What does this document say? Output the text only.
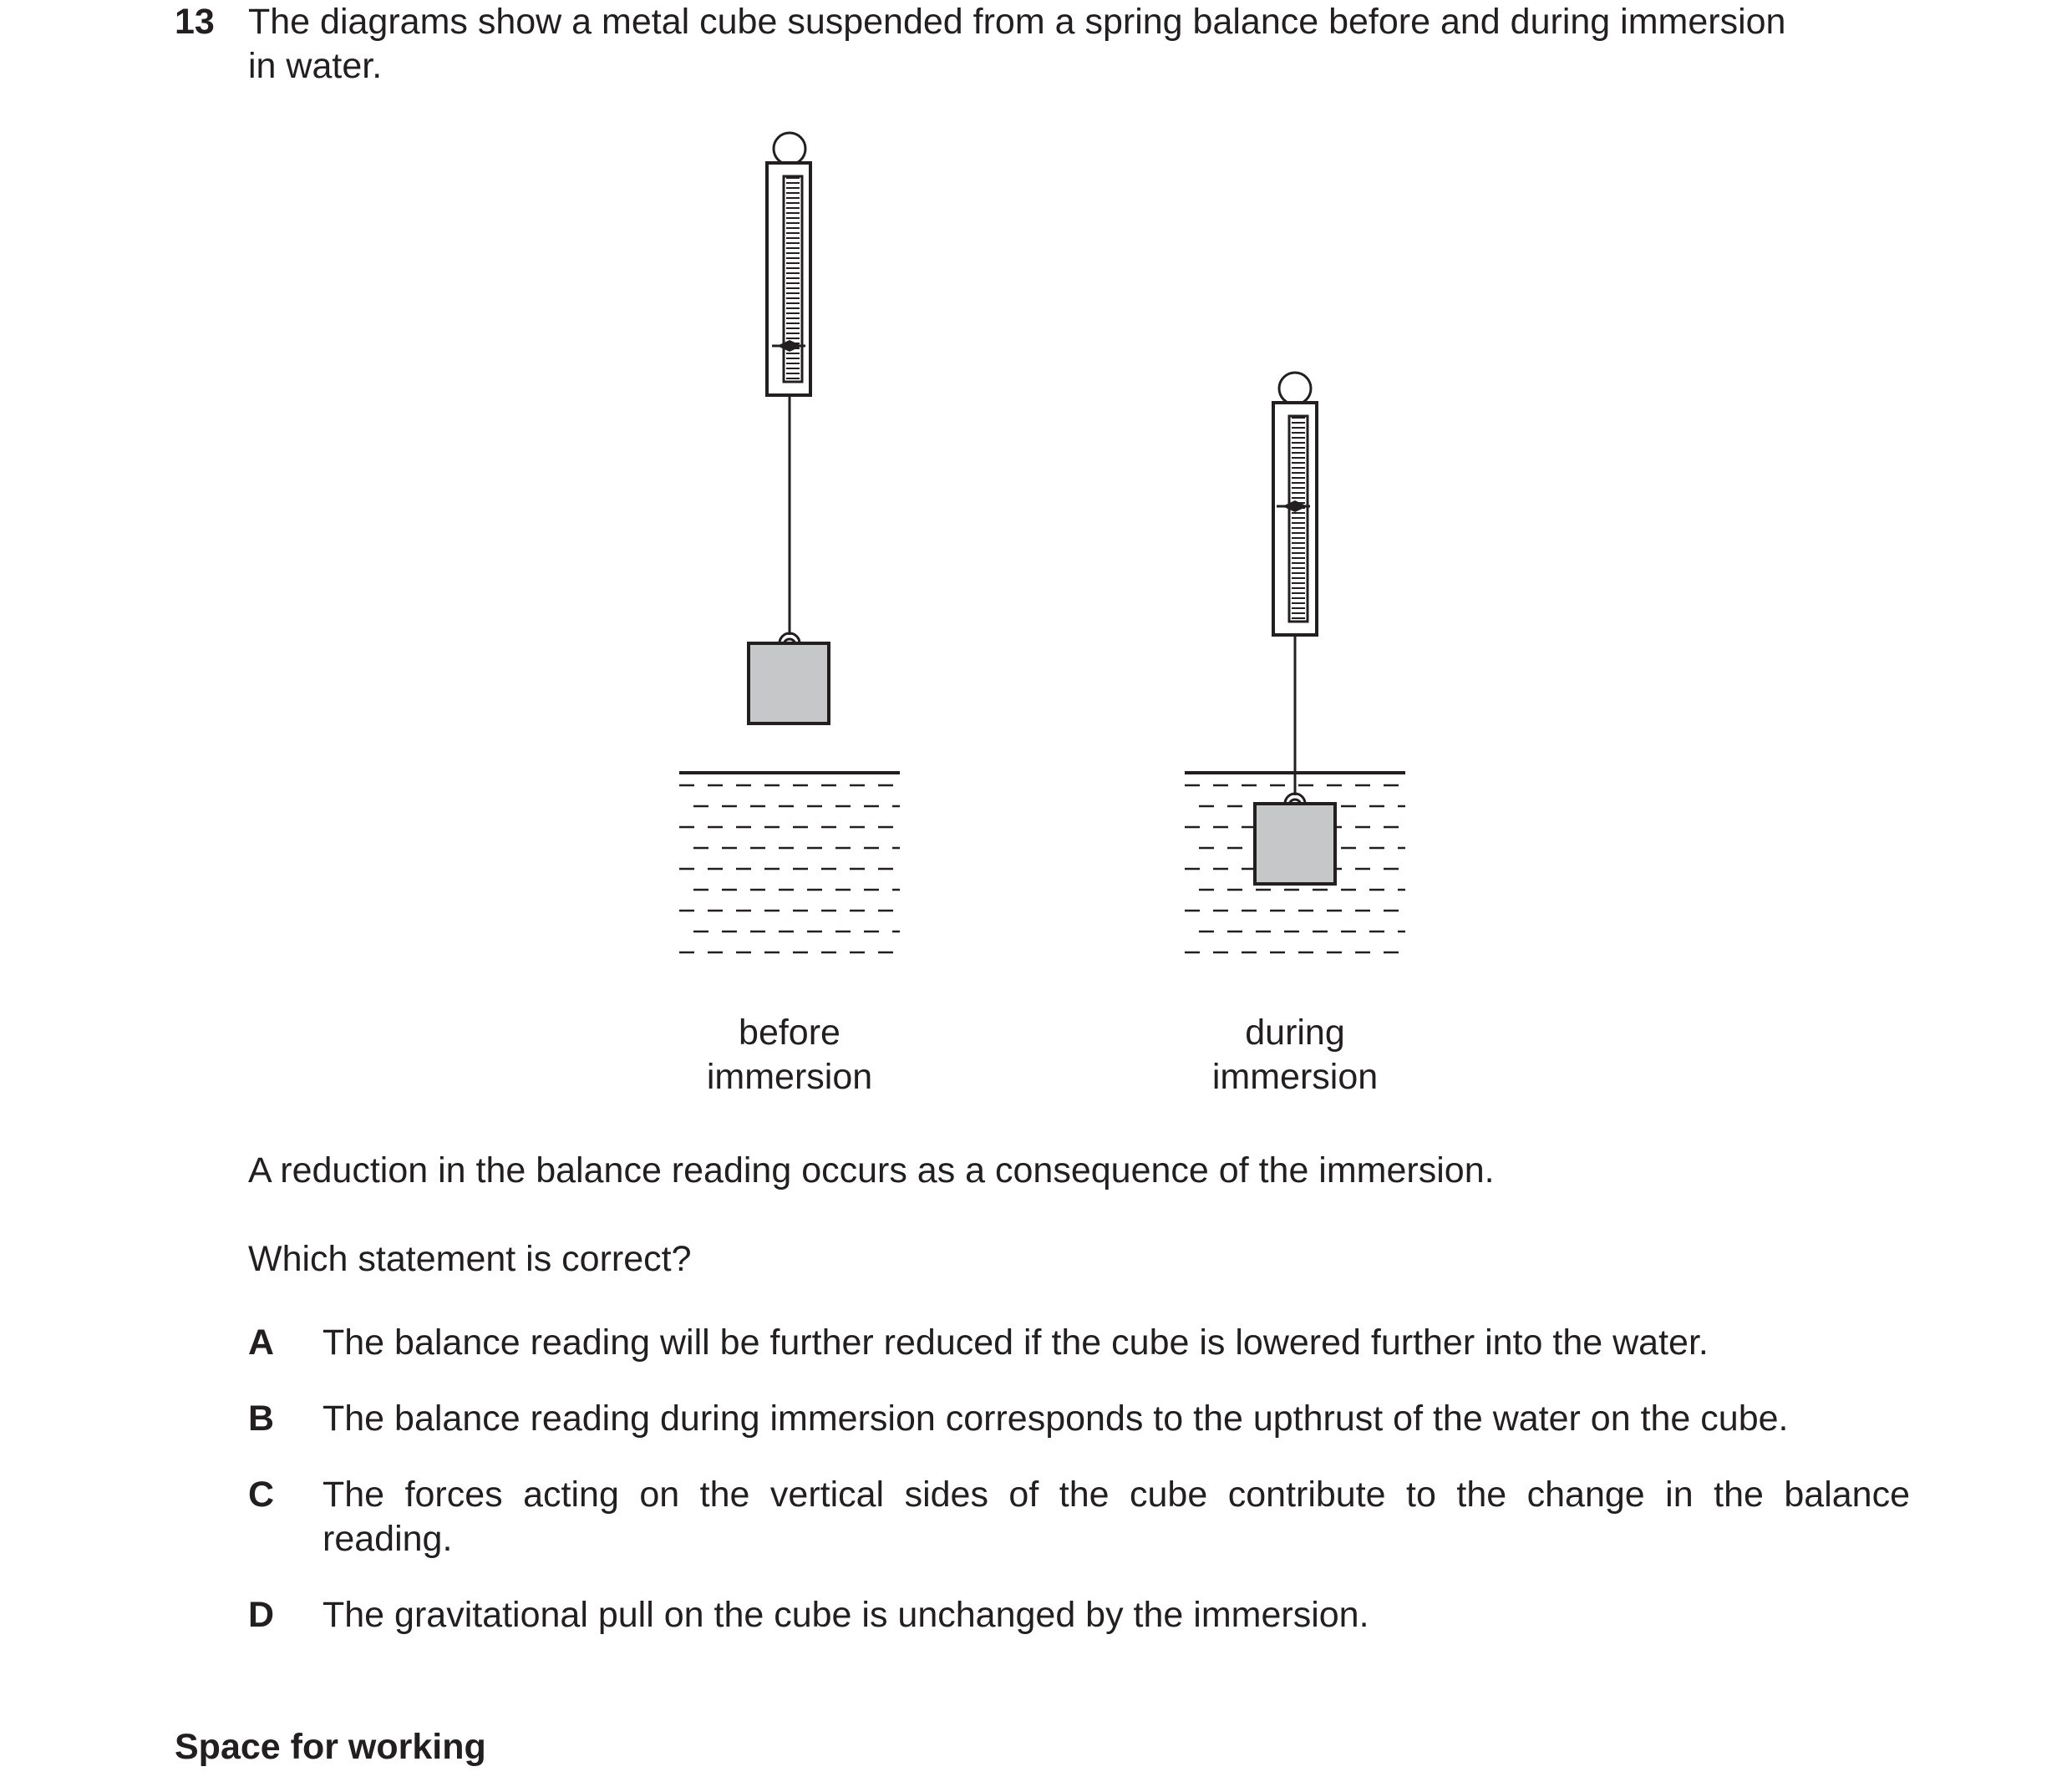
13 The diagrams show a metal cube suspended from a spring balance before and during immersion
in water.
before
immersion
during
immersion
A reduction in the balance reading occurs as a consequence of the immersion.
Which statement is correct?
A The balance reading will be further reduced if the cube is lowered further into the water.
B The balance reading during immersion corresponds to the upthrust of the water on the cube.
C The forces acting on the vertical sides of the cube contribute to the change in the balance
reading.
D The gravitational pull on the cube is unchanged by the immersion.
Space for working
